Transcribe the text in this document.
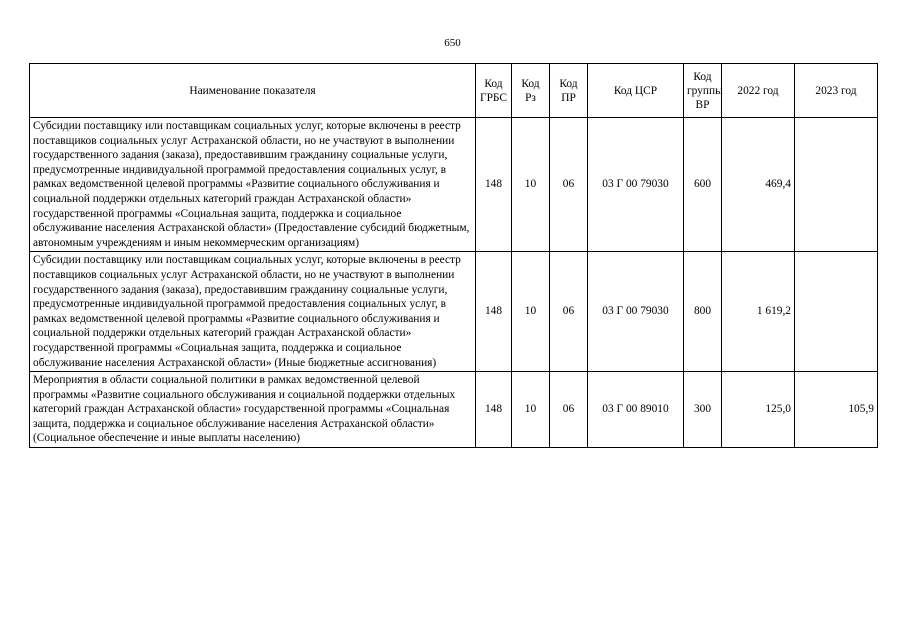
650
Наименование показателя	Код ГРБС	Код Рз	Код ПР	Код ЦСР	Код группы ВР	2022 год	2023 год
Субсидии поставщику или поставщикам социальных услуг, которые включены в реестр поставщиков социальных услуг Астраханской области, но не участвуют в выполнении государственного задания (заказа), предоставившим гражданину социальные услуги, предусмотренные индивидуальной программой предоставления социальных услуг, в рамках ведомственной целевой программы «Развитие социального обслуживания и социальной поддержки отдельных категорий граждан Астраханской области» государственной программы «Социальная защита, поддержка и социальное обслуживание населения Астраханской области» (Предоставление субсидий бюджетным, автономным учреждениям и иным некоммерческим организациям)	148	10	06	03 Г 00 79030	600	469,4	
Субсидии поставщику или поставщикам социальных услуг, которые включены в реестр поставщиков социальных услуг Астраханской области, но не участвуют в выполнении государственного задания (заказа), предоставившим гражданину социальные услуги, предусмотренные индивидуальной программой предоставления социальных услуг, в рамках ведомственной целевой программы «Развитие социального обслуживания и социальной поддержки отдельных категорий граждан Астраханской области» государственной программы «Социальная защита, поддержка и социальное обслуживание населения Астраханской области» (Иные бюджетные ассигнования)	148	10	06	03 Г 00 79030	800	1 619,2	
Мероприятия в области социальной политики в рамках ведомственной целевой программы «Развитие социального обслуживания и социальной поддержки отдельных категорий граждан Астраханской области» государственной программы «Социальная защита, поддержка и социальное обслуживание населения Астраханской области» (Социальное обеспечение и иные выплаты населению)	148	10	06	03 Г 00 89010	300	125,0	105,9
